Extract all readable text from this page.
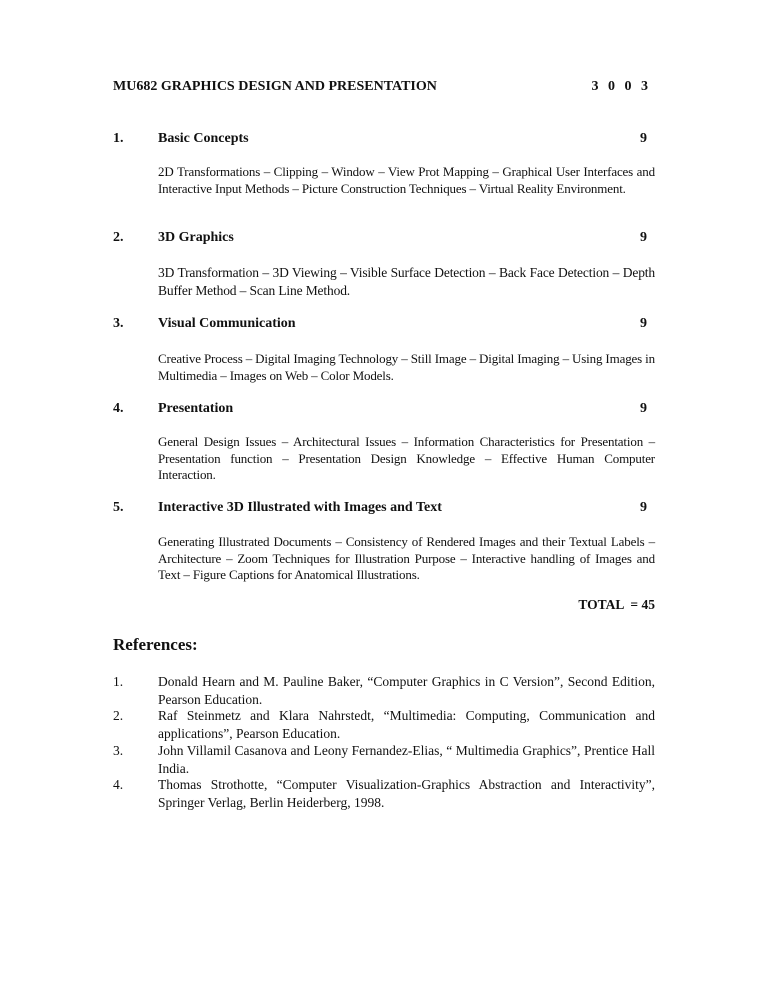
MU682 GRAPHICS DESIGN AND PRESENTATION	3 0 0 3
1. Basic Concepts	9
2D Transformations – Clipping – Window – View Prot Mapping – Graphical User Interfaces and Interactive Input Methods – Picture Construction Techniques – Virtual Reality Environment.
2. 3D Graphics	9
3D Transformation – 3D Viewing – Visible Surface Detection – Back Face Detection – Depth Buffer Method – Scan Line Method.
3. Visual Communication	9
Creative Process – Digital Imaging Technology – Still Image – Digital Imaging – Using Images in Multimedia – Images on Web – Color Models.
4. Presentation	9
General Design Issues – Architectural Issues – Information Characteristics for Presentation – Presentation function – Presentation Design Knowledge – Effective Human Computer Interaction.
5. Interactive 3D Illustrated with Images and Text	9
Generating Illustrated Documents – Consistency of Rendered Images and their Textual Labels – Architecture – Zoom Techniques for Illustration Purpose – Interactive handling of Images and Text – Figure Captions for Anatomical Illustrations.
TOTAL  = 45
References:
1.	Donald Hearn and M. Pauline Baker, “Computer Graphics in C Version”, Second Edition, Pearson Education.
2.	Raf Steinmetz and Klara Nahrstedt, “Multimedia: Computing, Communication and applications”, Pearson Education.
3.	John Villamil Casanova and Leony Fernandez-Elias, “ Multimedia Graphics”, Prentice Hall India.
4.	Thomas Strothotte, “Computer Visualization-Graphics Abstraction and Interactivity”, Springer Verlag, Berlin Heiderberg, 1998.
